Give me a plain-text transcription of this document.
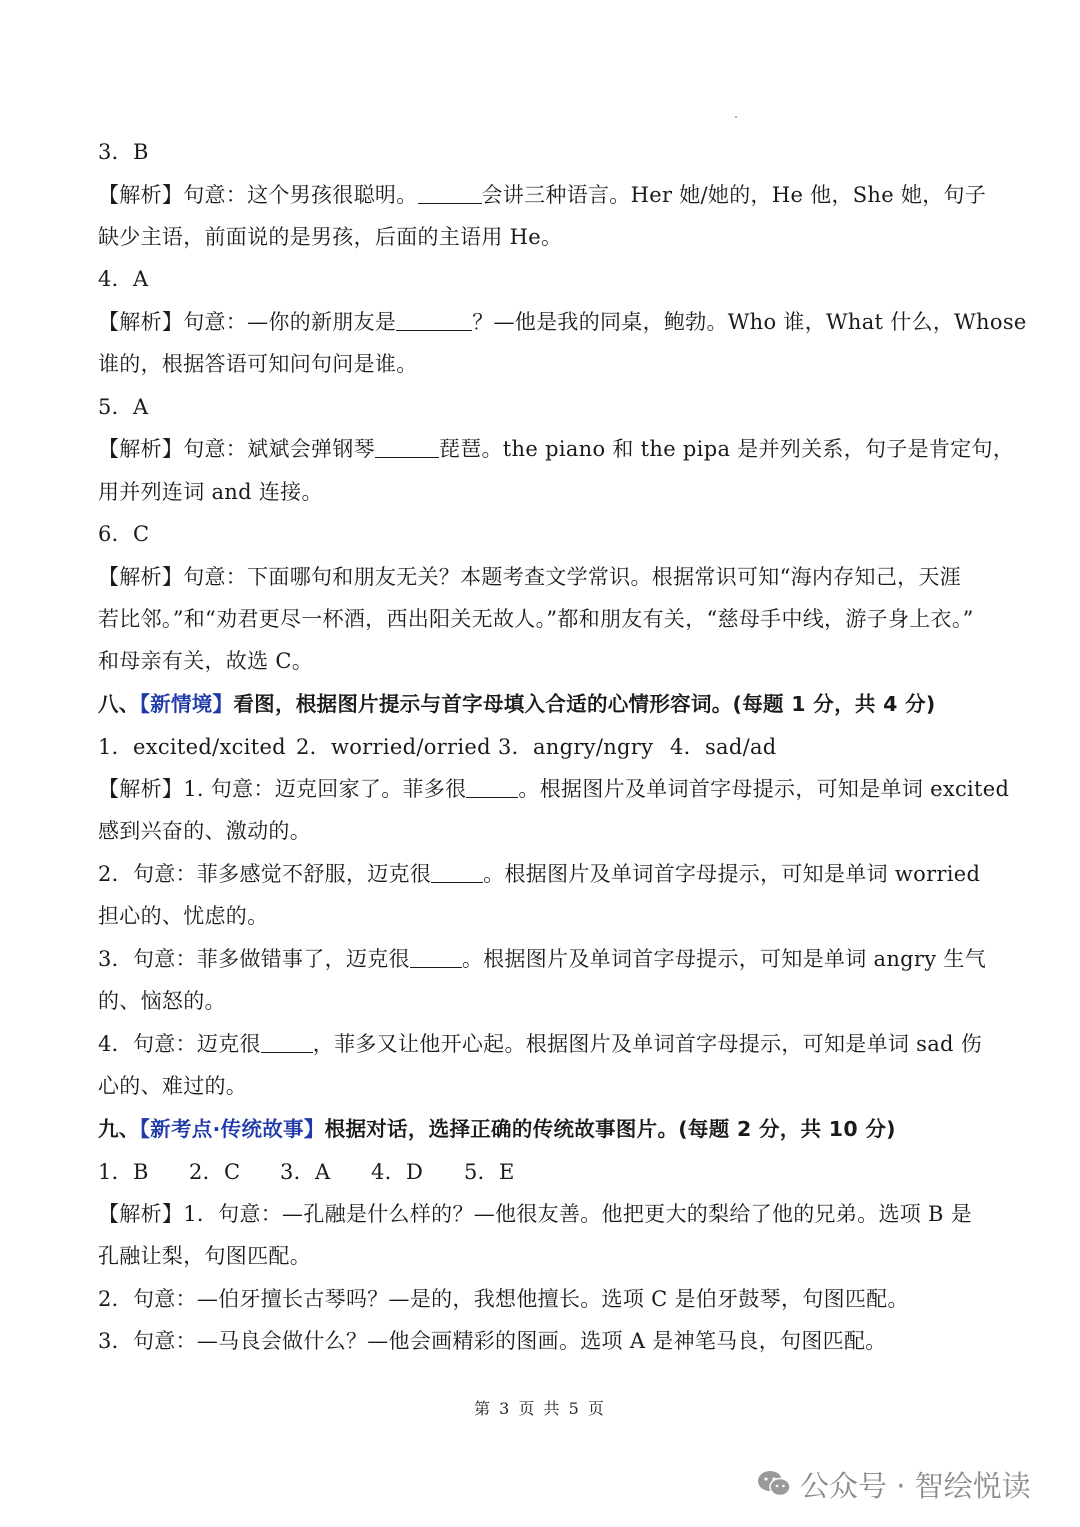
3．B
【解析】句意：这个男孩很聪明。	会讲三种语言。Her 她/她的，He 他，She 她，句子
缺少主语，前面说的是男孩，后面的主语用 He。
4．A
【解析】句意：—你的新朋友是	？—他是我的同桌，鲍勃。Who 谁，What 什么，Whose
谁的，根据答语可知问句问是谁。
5．A
【解析】句意：斌斌会弹钢琴	琵琶。the piano 和 the pipa 是并列关系，句子是肯定句，
用并列连词 and 连接。
6．C
【解析】句意：下面哪句和朋友无关？本题考查文学常识。根据常识可知“海内存知己，天涯
若比邻。”和“劝君更尽一杯酒，西出阳关无故人。”都和朋友有关，“慈母手中线，游子身上衣。”
和母亲有关，故选 C。
八、【新情境】看图，根据图片提示与首字母填入合适的心情形容词。(每题 1 分，共 4 分)
1．excited/xcited 2．worried/orried 3．angry/ngry 4．sad/ad
【解析】1. 句意：迈克回家了。菲多很 。根据图片及单词首字母提示，可知是单词 excited
感到兴奋的、激动的。
2．句意：菲多感觉不舒服，迈克很 。根据图片及单词首字母提示，可知是单词 worried
担心的、忧虑的。
3．句意：菲多做错事了，迈克很 。根据图片及单词首字母提示，可知是单词 angry 生气
的、恼怒的。
4．句意：迈克很 ，菲多又让他开心起。根据图片及单词首字母提示，可知是单词 sad 伤
心的、难过的。
九、【新考点·传统故事】根据对话，选择正确的传统故事图片。(每题 2 分，共 10 分)
1．B 2．C 3．A 4．D 5．E
【解析】1．句意：—孔融是什么样的？—他很友善。他把更大的梨给了他的兄弟。选项 B 是
孔融让梨，句图匹配。
2．句意：—伯牙擅长古琴吗？—是的，我想他擅长。选项 C 是伯牙鼓琴，句图匹配。
3．句意：—马良会做什么？—他会画精彩的图画。选项 A 是神笔马良，句图匹配。
第 3 页 共 5 页
公众号 · 智绘悦读
